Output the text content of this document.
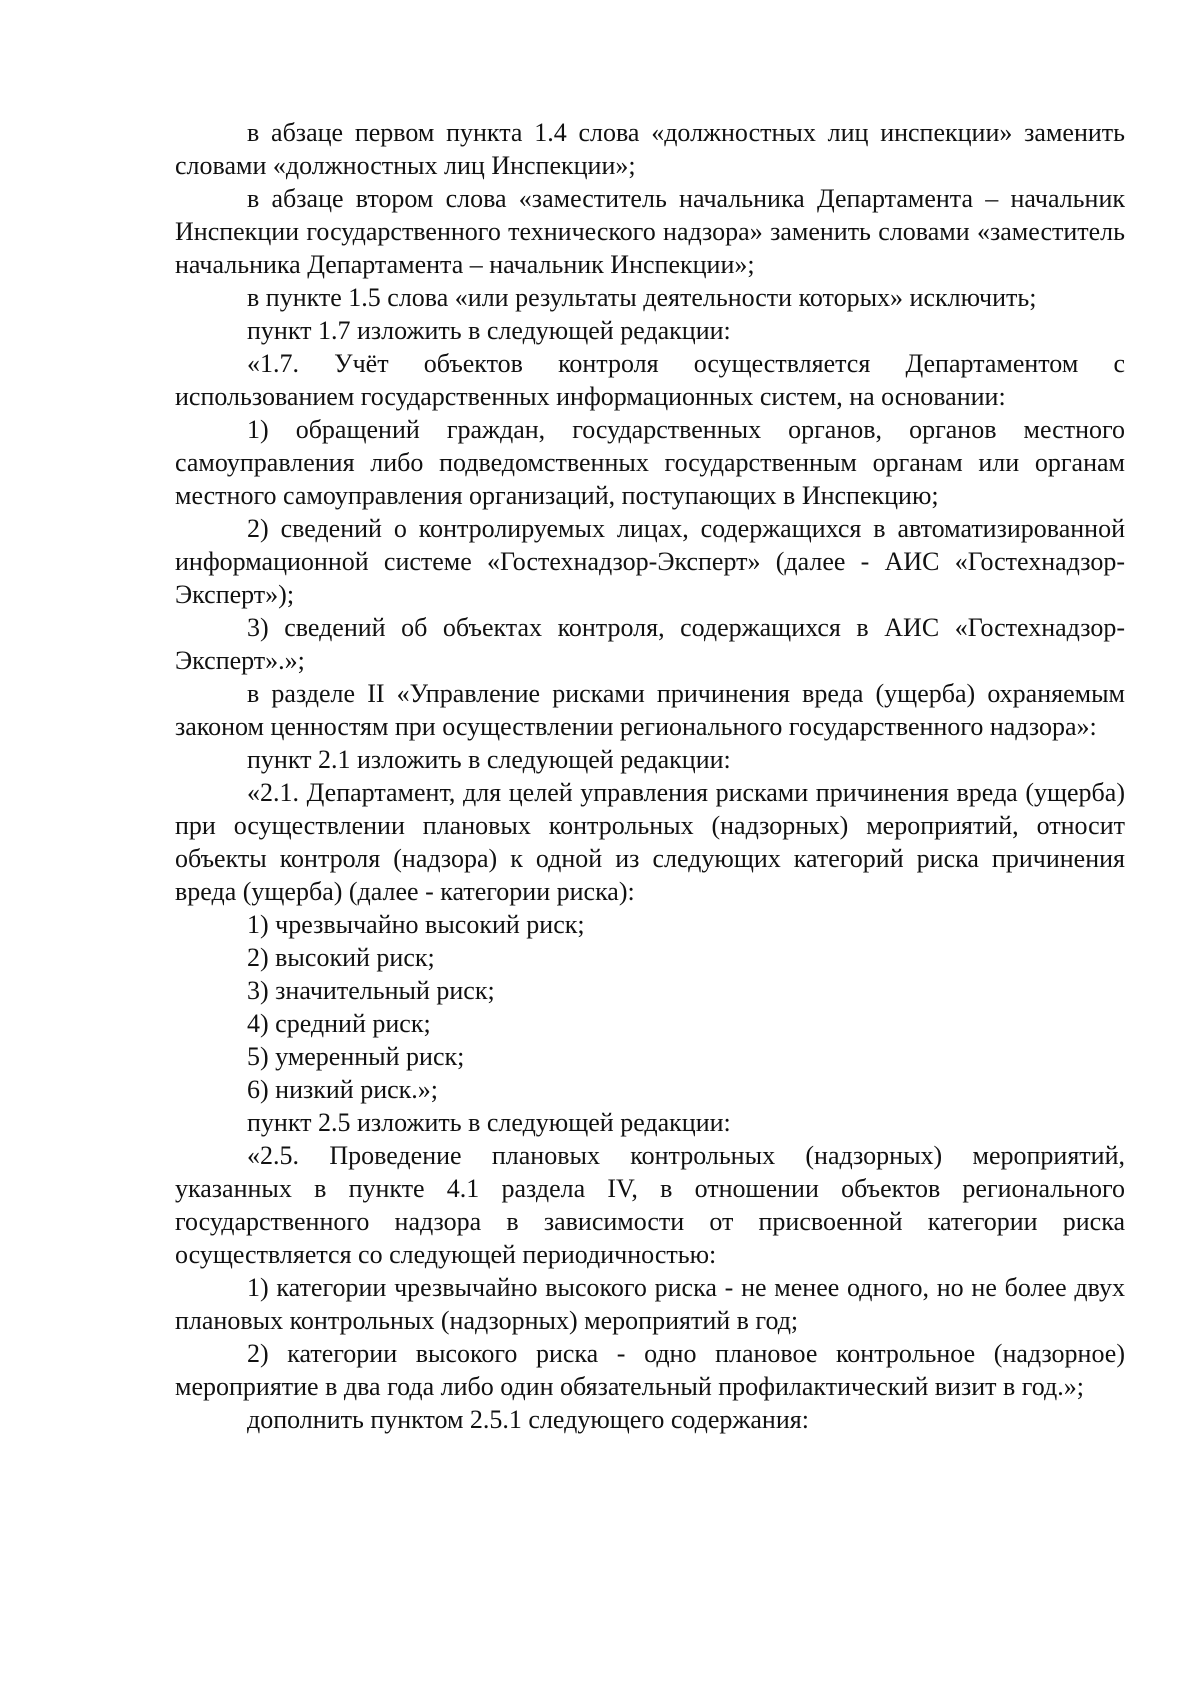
в абзаце первом пункта 1.4 слова «должностных лиц инспекции» заменить словами «должностных лиц Инспекции»;

в абзаце втором слова «заместитель начальника Департамента – начальник Инспекции государственного технического надзора» заменить словами «заместитель начальника Департамента – начальник Инспекции»;

в пункте 1.5 слова «или результаты деятельности которых» исключить;

пункт 1.7 изложить в следующей редакции:

«1.7. Учёт объектов контроля осуществляется Департаментом с использованием государственных информационных систем, на основании:

1) обращений граждан, государственных органов, органов местного самоуправления либо подведомственных государственным органам или органам местного самоуправления организаций, поступающих в Инспекцию;

2) сведений о контролируемых лицах, содержащихся в автоматизированной информационной системе «Гостехнадзор-Эксперт» (далее - АИС «Гостехнадзор-Эксперт»);

3) сведений об объектах контроля, содержащихся в АИС «Гостехнадзор-Эксперт».»;

в разделе II «Управление рисками причинения вреда (ущерба) охраняемым законом ценностям при осуществлении регионального государственного надзора»:

пункт 2.1 изложить в следующей редакции:

«2.1. Департамент, для целей управления рисками причинения вреда (ущерба) при осуществлении плановых контрольных (надзорных) мероприятий, относит объекты контроля (надзора) к одной из следующих категорий риска причинения вреда (ущерба) (далее - категории риска):

1) чрезвычайно высокий риск;

2) высокий риск;

3) значительный риск;

4) средний риск;

5) умеренный риск;

6) низкий риск.»;

пункт 2.5 изложить в следующей редакции:

«2.5. Проведение плановых контрольных (надзорных) мероприятий, указанных в пункте 4.1 раздела IV, в отношении объектов регионального государственного надзора в зависимости от присвоенной категории риска осуществляется со следующей периодичностью:

1) категории чрезвычайно высокого риска - не менее одного, но не более двух плановых контрольных (надзорных) мероприятий в год;

2) категории высокого риска - одно плановое контрольное (надзорное) мероприятие в два года либо один обязательный профилактический визит в год.»;

дополнить пунктом 2.5.1 следующего содержания:
